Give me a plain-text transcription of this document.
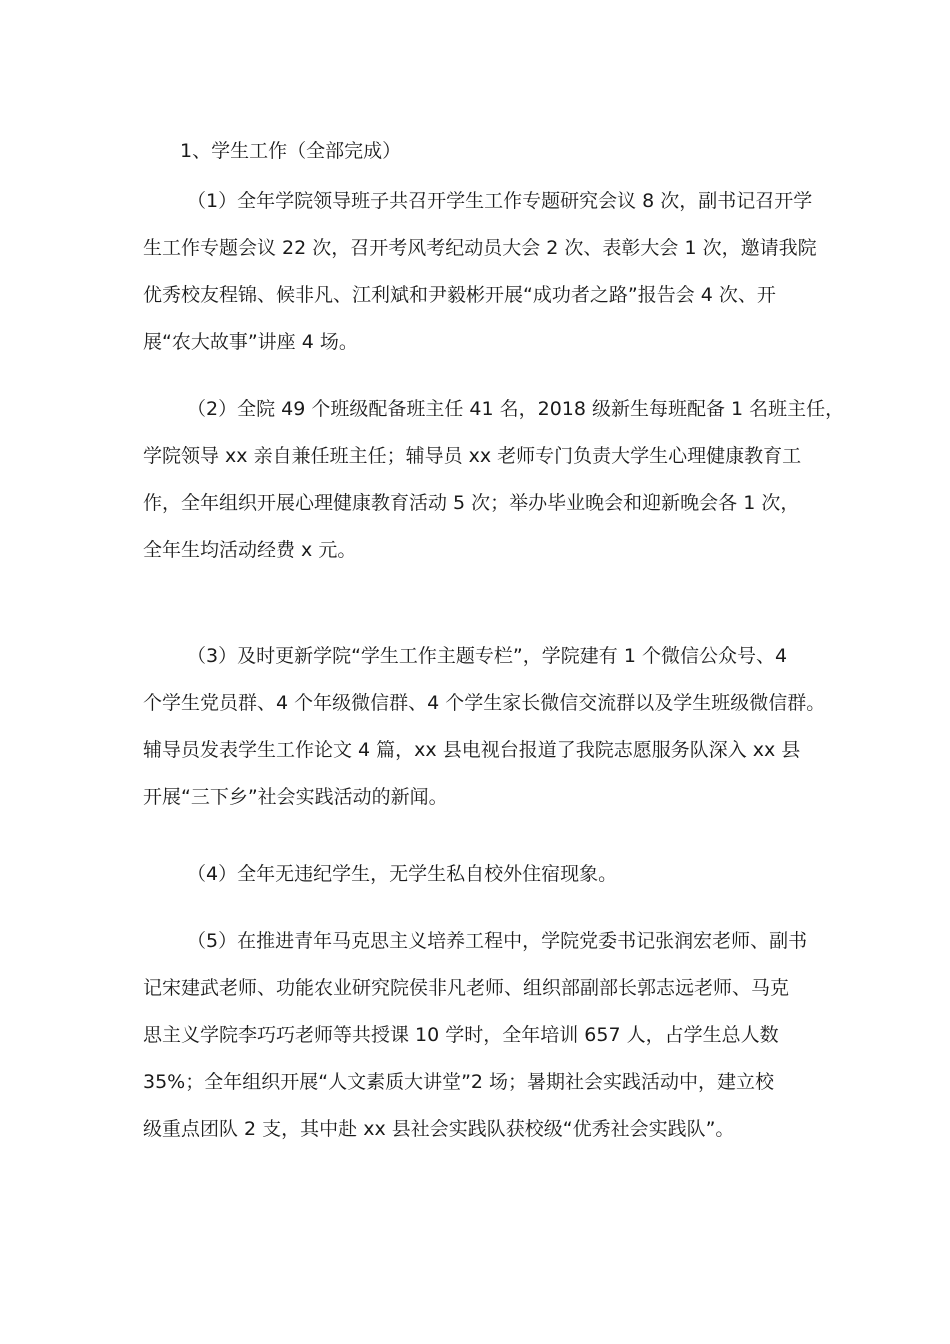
1、学生工作（全部完成）
（1）全年学院领导班子共召开学生工作专题研究会议 8 次，副书记召开学
生工作专题会议 22 次，召开考风考纪动员大会 2 次、表彰大会 1 次，邀请我院
优秀校友程锦、候非凡、江利斌和尹毅彬开展“成功者之路”报告会 4 次、开
展“农大故事”讲座 4 场。
（2）全院 49 个班级配备班主任 41 名，2018 级新生每班配备 1 名班主任，
学院领导 xx 亲自兼任班主任；辅导员 xx 老师专门负责大学生心理健康教育工
作，全年组织开展心理健康教育活动 5 次；举办毕业晚会和迎新晚会各 1 次，
全年生均活动经费 x 元。
（3）及时更新学院“学生工作主题专栏”，学院建有 1 个微信公众号、4
个学生党员群、4 个年级微信群、4 个学生家长微信交流群以及学生班级微信群。
辅导员发表学生工作论文 4 篇，xx 县电视台报道了我院志愿服务队深入 xx 县
开展“三下乡”社会实践活动的新闻。
（4）全年无违纪学生，无学生私自校外住宿现象。
（5）在推进青年马克思主义培养工程中，学院党委书记张润宏老师、副书
记宋建武老师、功能农业研究院侯非凡老师、组织部副部长郭志远老师、马克
思主义学院李巧巧老师等共授课 10 学时，全年培训 657 人，占学生总人数
35%；全年组织开展“人文素质大讲堂”2 场；暑期社会实践活动中，建立校
级重点团队 2 支，其中赴 xx 县社会实践队获校级“优秀社会实践队”。
